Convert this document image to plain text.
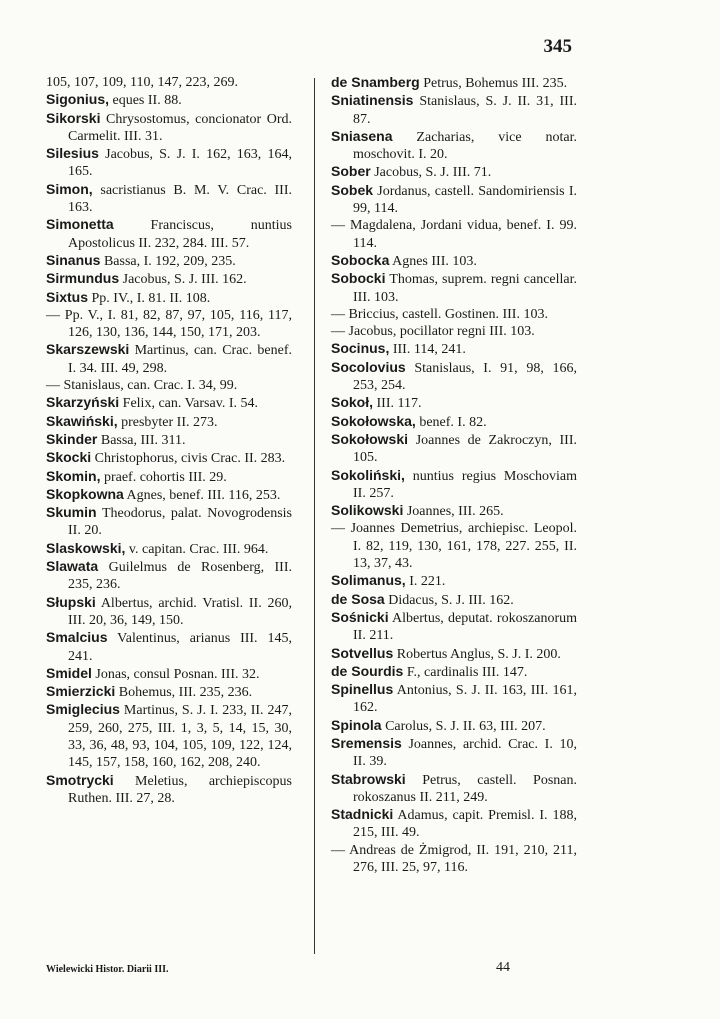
345

105, 107, 109, 110, 147, 223, 269.

Sigonius, eques II. 88.

Sikorski Chrysostomus, concionator Ord. Carmelit. III. 31.

Silesius Jacobus, S. J. I. 162, 163, 164, 165.

Simon, sacristianus B. M. V. Crac. III. 163.

Simonetta	Franciscus, nuntius Apostolicus II. 232, 284. III. 57.

Sinanus Bassa, I. 192, 209, 235.

Sirmundus Jacobus, S. J. III. 162.

Sixtus Pp. IV., I. 81. II. 108.

— Pp. V., I. 81, 82, 87, 97, 105, 116, 117, 126, 130, 136, 144, 150, 171, 203.

Skarszewski Martinus, can. Crac. benef. I. 34. III. 49, 298.

— Stanislaus, can. Crac. I. 34, 99.

Skarzyński Felix, can. Varsav. I. 54.

Skawiński, presbyter II. 273.

Skinder Bassa, III. 311.

Skocki Christophorus, civis Crac. II. 283.

Skomin, praef. cohortis III. 29.

Skopkowna Agnes, benef. III. 116, 253.

Skumin Theodorus, palat. Novogrodensis II. 20.

Slaskowski, v. capitan. Crac. III. 964.

Slawata Guilelmus de Rosenberg, III. 235, 236.

Słupski Albertus, archid. Vratisl. II. 260, III. 20, 36, 149, 150.

Smalcius Valentinus, arianus III. 145, 241.

Smidel Jonas, consul Posnan. III. 32.

Smierzicki Bohemus, III. 235, 236.

Smiglecius Martinus, S. J. I. 233, II. 247, 259, 260, 275, III. 1, 3, 5, 14, 15, 30, 33, 36, 48, 93, 104, 105, 109, 122, 124, 145, 157, 158, 160, 162, 208, 240.

Smotrycki Meletius, archiepiscopus Ruthen. III. 27, 28.

de Snamberg Petrus, Bohemus III. 235.

Sniatinensis Stanislaus, S. J. II. 31, III. 87.

Sniasena Zacharias, vice notar. moschovit. I. 20.

Sober Jacobus, S. J. III. 71.

Sobek Jordanus, castell. Sandomiriensis I. 99, 114.

— Magdalena, Jordani vidua, benef. I. 99. 114.

Sobocka Agnes III. 103.

Sobocki Thomas, suprem. regni cancellar. III. 103.

— Briccius, castell. Gostinen. III. 103.

— Jacobus, pocillator regni III. 103.

Socinus, III. 114, 241.

Socolovius Stanislaus, I. 91, 98, 166, 253, 254.

Sokoł, III. 117.

Sokołowska, benef. I. 82.

Sokołowski Joannes de Zakroczyn, III. 105.

Sokoliński, nuntius regius Moschoviam II. 257.

Solikowski Joannes, III. 265.

— Joannes Demetrius, archiepisc. Leopol. I. 82, 119, 130, 161, 178, 227. 255, II. 13, 37, 43.

Solimanus, I. 221.

de Sosa Didacus, S. J. III. 162.

Sośnicki Albertus, deputat. rokoszanorum II. 211.

Sotvellus Robertus Anglus, S. J. I. 200.

de Sourdis F., cardinalis III. 147.

Spinellus Antonius, S. J. II. 163, III. 161, 162.

Spinola Carolus, S. J. II. 63, III. 207.

Sremensis Joannes, archid. Crac. I. 10, II. 39.

Stabrowski Petrus, castell. Posnan. rokoszanus II. 211, 249.

Stadnicki Adamus, capit. Premisl. I. 188, 215, III. 49.

— Andreas de Żmigrod, II. 191, 210, 211, 276, III. 25, 97, 116.

Wielewicki Histor. Diarii III.	44
